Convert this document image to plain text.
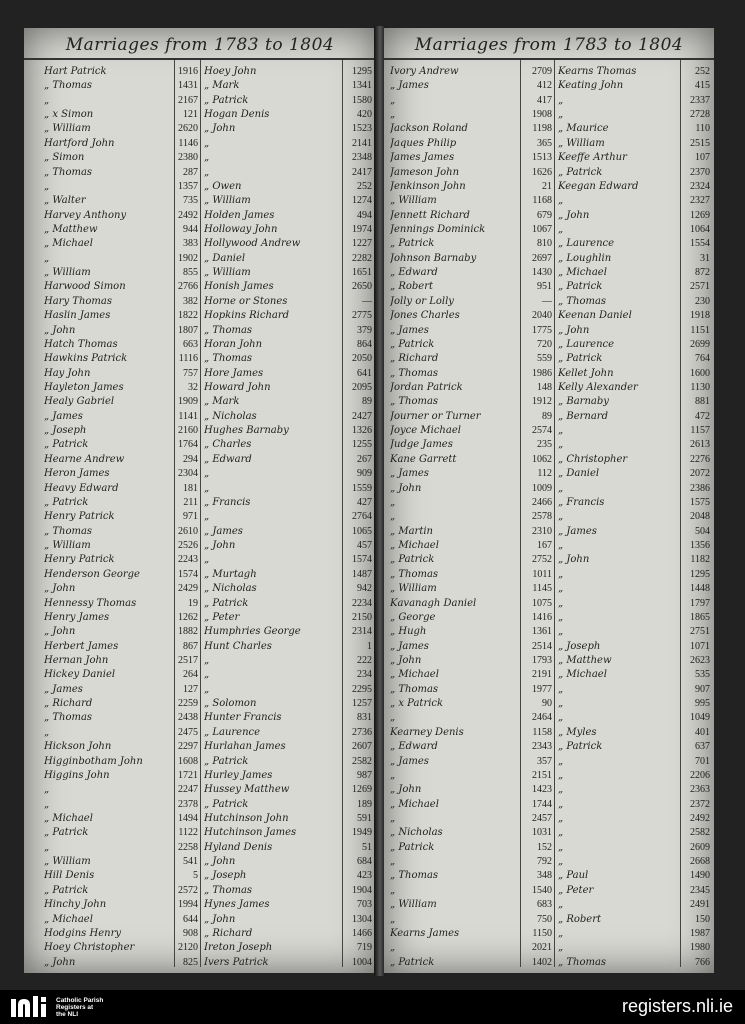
Marriages from 1783 to 1804
Hart Patrick	1916 Hoey John	1295
„ Thomas	1431 „ Mark	1341
„	2167 „ Patrick	1580
„ x Simon	121 Hogan Denis	420
„ William	2620 „ John	1523
Hartford John	1146 „	2141
„ Simon	2380 „	2348
„ Thomas	287 „	2417
„	1357 „ Owen	252
„ Walter	735 „ William	1274
Harvey Anthony	2492 Holden James	494
„ Matthew	944 Holloway John	1974
„ Michael	383 Hollywood Andrew	1227
„	1902 „ Daniel	2282
„ William	855 „ William	1651
Harwood Simon	2766 Honish James	2650
Hary Thomas	382 Horne or Stones	—
Haslin James	1822 Hopkins Richard	2775
„ John	1807 „ Thomas	379
Hatch Thomas	663 Horan John	864
Hawkins Patrick	1116 „ Thomas	2050
Hay John	757 Hore James	641
Hayleton James	32 Howard John	2095
Healy Gabriel	1909 „ Mark	89
„ James	1141 „ Nicholas	2427
„ Joseph	2160 Hughes Barnaby	1326
„ Patrick	1764 „ Charles	1255
Hearne Andrew	294 „ Edward	267
Heron James	2304 „	909
Heavy Edward	181 „	1559
„ Patrick	211 „ Francis	427
Henry Patrick	971 „	2764
„ Thomas	2610 „ James	1065
„ William	2526 „ John	457
Henry Patrick	2243 „	1574
Henderson George	1574 „ Murtagh	1487
„ John	2429 „ Nicholas	942
Hennessy Thomas	19 „ Patrick	2234
Henry James	1262 „ Peter	2150
„ John	1882 Humphries George	2314
Herbert James	867 Hunt Charles	1
Hernan John	2517 „	222
Hickey Daniel	264 „	234
„ James	127 „	2295
„ Richard	2259 „ Solomon	1257
„ Thomas	2438 Hunter Francis	831
„	2475 „ Laurence	2736
Hickson John	2297 Hurlahan James	2607
Higginbotham John	1608 „ Patrick	2582
Higgins John	1721 Hurley James	987
„	2247 Hussey Matthew	1269
„	2378 „ Patrick	189
„ Michael	1494 Hutchinson John	591
„ Patrick	1122 Hutchinson James	1949
„	2258 Hyland Denis	51
„ William	541 „ John	684
Hill Denis	5 „ Joseph	423
„ Patrick	2572 „ Thomas	1904
Hinchy John	1994 Hynes James	703
„ Michael	644 „ John	1304
Hodgins Henry	908 „ Richard	1466
Hoey Christopher	2120 Ireton Joseph	719
„ John	825 Ivers Patrick	1004
Marriages from 1783 to 1804
Ivory Andrew	2709 Kearns Thomas	252
„ James	412 Keating John	415
„	417 „	2337
„	1908 „	2728
Jackson Roland	1198 „ Maurice	110
Jaques Philip	365 „ William	2515
James James	1513 Keeffe Arthur	107
Jameson John	1626 „ Patrick	2370
Jenkinson John	21 Keegan Edward	2324
„ William	1168 „	2327
Jennett Richard	679 „ John	1269
Jennings Dominick	1067 „	1064
„ Patrick	810 „ Laurence	1554
Johnson Barnaby	2697 „ Loughlin	31
„ Edward	1430 „ Michael	872
„ Robert	951 „ Patrick	2571
Jolly or Lolly	— „ Thomas	230
Jones Charles	2040 Keenan Daniel	1918
„ James	1775 „ John	1151
„ Patrick	720 „ Laurence	2699
„ Richard	559 „ Patrick	764
„ Thomas	1986 Kellet John	1600
Jordan Patrick	148 Kelly Alexander	1130
„ Thomas	1912 „ Barnaby	881
Journer or Turner	89 „ Bernard	472
Joyce Michael	2574 „	1157
Judge James	235 „	2613
Kane Garrett	1062 „ Christopher	2276
„ James	112 „ Daniel	2072
„ John	1009 „	2386
„	2466 „ Francis	1575
„	2578 „	2048
„ Martin	2310 „ James	504
„ Michael	167 „	1356
„ Patrick	2752 „ John	1182
„ Thomas	1011 „	1295
„ William	1145 „	1448
Kavanagh Daniel	1075 „	1797
„ George	1416 „	1865
„ Hugh	1361 „	2751
„ James	2514 „ Joseph	1071
„ John	1793 „ Matthew	2623
„ Michael	2191 „ Michael	535
„ Thomas	1977 „	907
„ x Patrick	90 „	995
„	2464 „	1049
Kearney Denis	1158 „ Myles	401
„ Edward	2343 „ Patrick	637
„ James	357 „	701
„	2151 „	2206
„ John	1423 „	2363
„ Michael	1744 „	2372
„	2457 „	2492
„ Nicholas	1031 „	2582
„ Patrick	152 „	2609
„	792 „	2668
„ Thomas	348 „ Paul	1490
„	1540 „ Peter	2345
„ William	683 „	2491
„	750 „ Robert	150
Kearns James	1150 „	1987
„	2021 „	1980
„ Patrick	1402 „ Thomas	766
Catholic Parish
Registers at
the NLI	registers.nli.ie
